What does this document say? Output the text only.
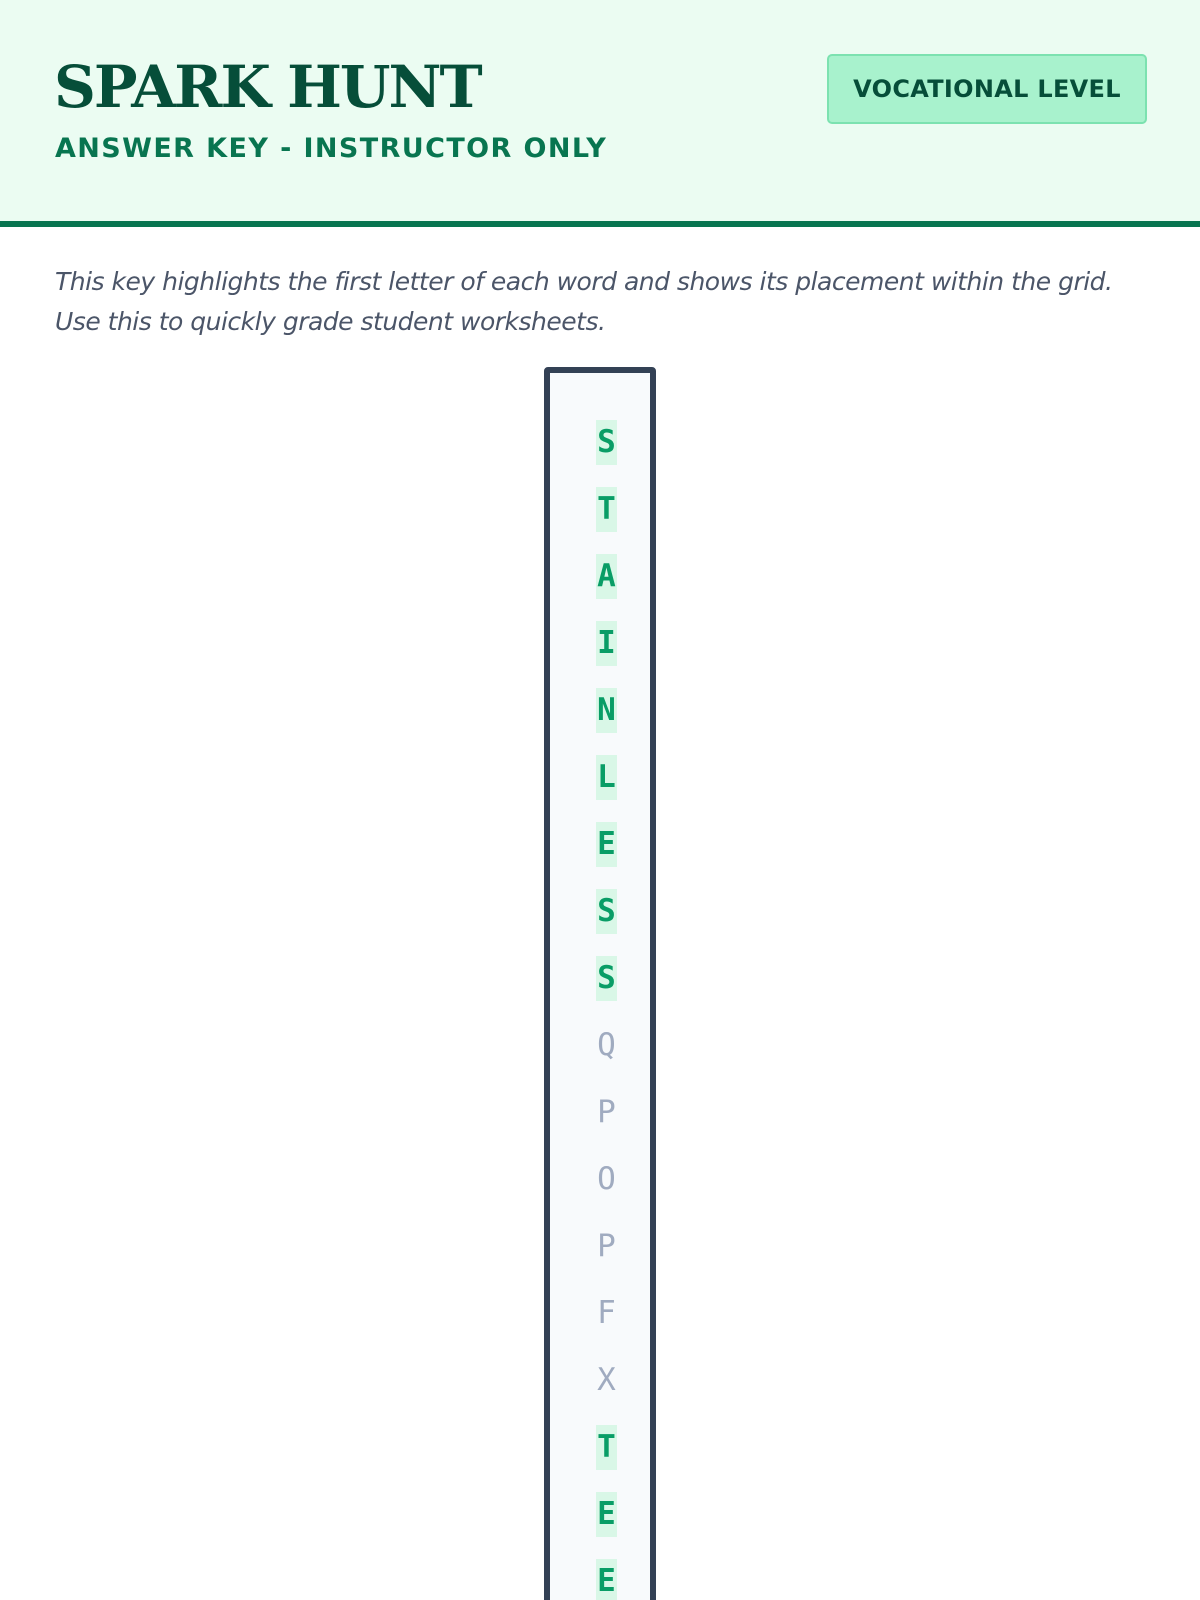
SPARK HUNT

ANSWER KEY - INSTRUCTOR ONLY

VOCATIONAL LEVEL

This key highlights the first letter of each word and shows its placement within the grid. Use this to quickly grade student worksheets.

S
T
A
I
N
L
E
S
S
Q
P
O
P
F
X
T
E
E
